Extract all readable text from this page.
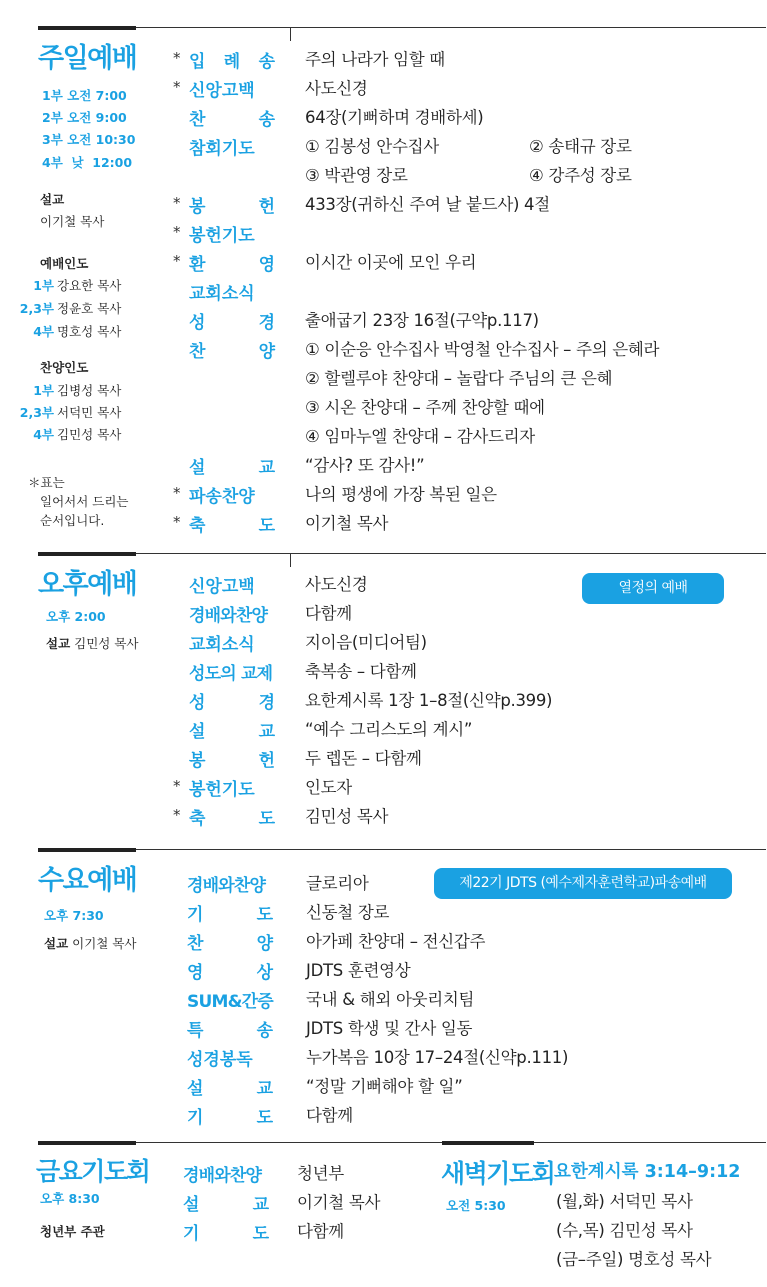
주일예배
1부 오전 7:00
2부 오전 9:00
3부 오전 10:30
4부  낮  12:00
설교
이기철 목사
예배인도
1부 강요한 목사
2,3부 정윤호 목사
4부 명호성 목사
찬양인도
1부 김병성 목사
2,3부 서덕민 목사
4부 김민성 목사
＊표는
일어서서 드리는
순서입니다.
* 입 례 송 주의 나라가 임할 때
* 신앙고백	사도신경
찬 송 64장(기뻐하며 경배하세)
참회기도	① 김봉성 안수집사	② 송태규 장로
③ 박관영 장로	④ 강주성 장로
* 봉 헌 433장(귀하신 주여 날 붙드사) 4절
* 봉헌기도
* 환 영 이시간 이곳에 모인 우리
교회소식
성 경 출애굽기 23장 16절(구약p.117)
찬 양 ① 이순응 안수집사 박영철 안수집사 – 주의 은혜라
② 할렐루야 찬양대 – 놀랍다 주님의 큰 은혜
③ 시온 찬양대 – 주께 찬양할 때에
④ 임마누엘 찬양대 – 감사드리자
설 교 “감사? 또 감사!”
* 파송찬양	나의 평생에 가장 복된 일은
* 축 도 이기철 목사
오후예배
오후 2:00
설교 김민성 목사
열정의 예배
신앙고백	사도신경
경배와찬양	다함께
교회소식	지이음(미디어팀)
성도의 교제 축복송 – 다함께
성 경 요한계시록 1장 1–8절(신약p.399)
설 교 “예수 그리스도의 계시”
봉 헌 두 렙돈 – 다함께
* 봉헌기도	인도자
* 축 도 김민성 목사
수요예배
오후 7:30
설교 이기철 목사
제22기 JDTS (예수제자훈련학교)파송예배
경배와찬양	글로리아
기 도 신동철 장로
찬 양 아가페 찬양대 – 전신갑주
영 상 JDTS 훈련영상
SUM&간증 국내 & 해외 아웃리치팀
특 송 JDTS 학생 및 간사 일동
성경봉독	누가복음 10장 17–24절(신약p.111)
설 교 “정말 기뻐해야 할 일”
기 도 다함께
금요기도회
오후 8:30
청년부 주관
경배와찬양	청년부
설 교 이기철 목사
기 도 다함께
새벽기도회
오전 5:30
요한계시록 3:14–9:12
(월,화) 서덕민 목사
(수,목) 김민성 목사
(금–주일) 명호성 목사
